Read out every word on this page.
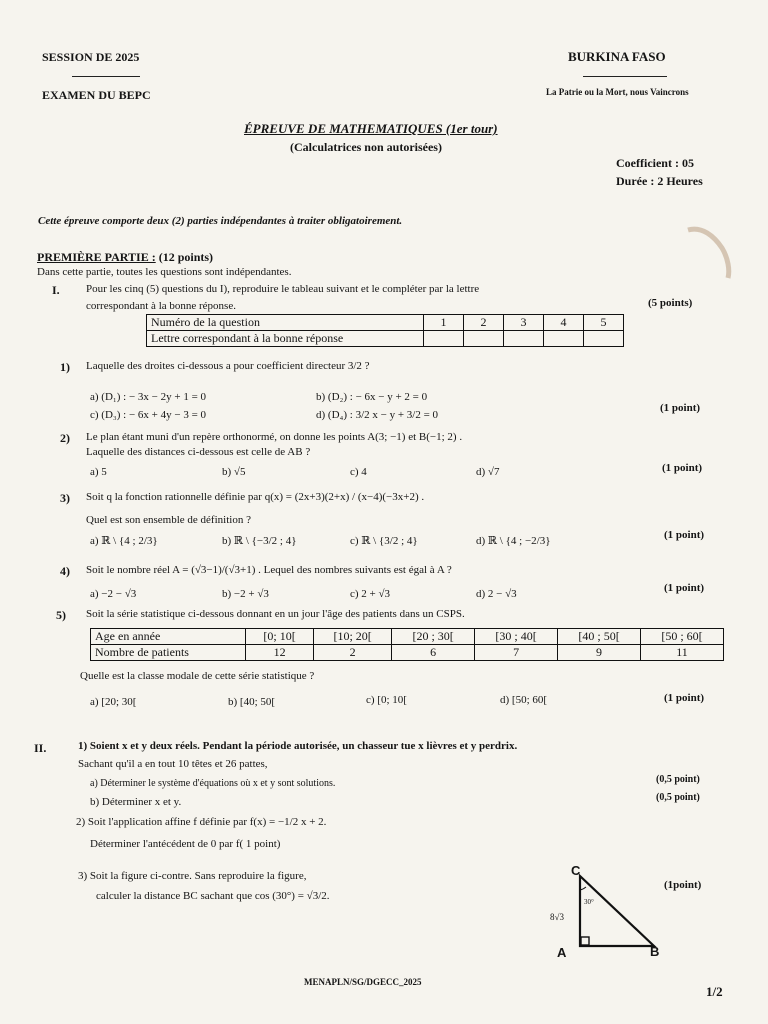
SESSION DE 2025
EXAMEN DU BEPC
BURKINA FASO
La Patrie ou la Mort, nous Vaincrons
ÉPREUVE DE MATHEMATIQUES (1er tour)
(Calculatrices non autorisées)
Coefficient : 05
Durée : 2 Heures
Cette épreuve comporte deux (2) parties indépendantes à traiter obligatoirement.
PREMIÈRE PARTIE : (12 points)
Dans cette partie, toutes les questions sont indépendantes.
I. Pour les cinq (5) questions du I), reproduire le tableau suivant et le compléter par la lettre
correspondant à la bonne réponse.	(5 points)
Numéro de la question	1	2	3	4	5
Lettre correspondant à la bonne réponse					
1) Laquelle des droites ci-dessous a pour coefficient directeur 3/2 ?
a) (D₁) : − 3x − 2y + 1 = 0	b) (D₂) : − 6x − y + 2 = 0
c) (D₃) : − 6x + 4y − 3 = 0	d) (D₄) : 3/2 x − y + 3/2 = 0
(1 point)
2) Le plan étant muni d'un repère orthonormé, on donne les points A(3; −1) et B(−1; 2) .
Laquelle des distances ci-dessous est celle de AB ?
a) 5	b) √5	c) 4	d) √7	(1 point)
3) Soit q la fonction rationnelle définie par q(x) = (2x+3)(2+x) / (x−4)(−3x+2) .
Quel est son ensemble de définition ?
a) ℝ \ {4 ; 2/3}	b) ℝ \ {−3/2 ; 4}	c) ℝ \ {3/2 ; 4}	d) ℝ \ {4 ; −2/3}	(1 point)
4) Soit le nombre réel A = (√3−1)/(√3+1) . Lequel des nombres suivants est égal à A ?
a) −2 − √3	b) −2 + √3	c) 2 + √3	d) 2 − √3	(1 point)
5) Soit la série statistique ci-dessous donnant en un jour l'âge des patients dans un CSPS.
Age en année	[0; 10[	[10; 20[	[20 ; 30[	[30 ; 40[	[40 ; 50[	[50 ; 60[
Nombre de patients	12	2	6	7	9	11
Quelle est la classe modale de cette série statistique ?
a) [20; 30[	b) [40; 50[	c) [0; 10[	d) [50; 60[	(1 point)
II.	1) Soient x et y deux réels. Pendant la période autorisée, un chasseur tue x lièvres et y perdrix.
Sachant qu'il a en tout 10 têtes et 26 pattes,
a) Déterminer le système d'équations où x et y sont solutions.	(0,5 point)
b) Déterminer x et y.	(0,5 point)
2) Soit l'application affine f définie par f(x) = −1/2 x + 2.
Déterminer l'antécédent de 0 par f( 1 point)
3) Soit la figure ci-contre. Sans reproduire la figure,
calculer la distance BC sachant que cos (30°) = √3/2.
(1point)
C
A	B
8√3
30°
MENAPLN/SG/DGECC_2025
1/2
